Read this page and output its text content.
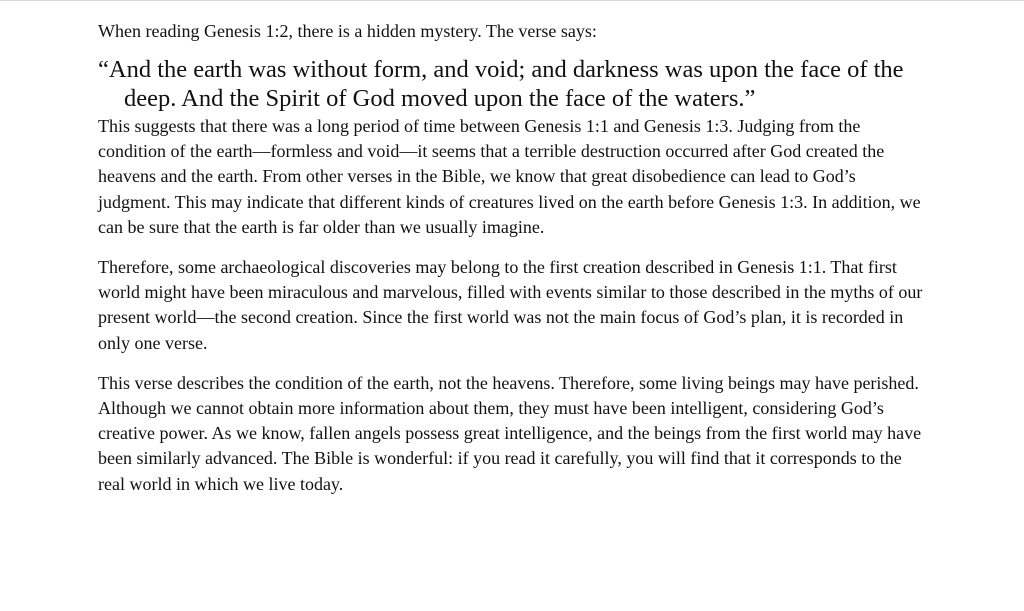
When reading Genesis 1:2, there is a hidden mystery. The verse says:

“And the earth was without form, and void; and darkness was upon the face of the deep. And the Spirit of God moved upon the face of the waters.”

This suggests that there was a long period of time between Genesis 1:1 and Genesis 1:3. Judging from the condition of the earth—formless and void—it seems that a terrible destruction occurred after God created the heavens and the earth. From other verses in the Bible, we know that great disobedience can lead to God’s judgment. This may indicate that different kinds of creatures lived on the earth before Genesis 1:3. In addition, we can be sure that the earth is far older than we usually imagine.

Therefore, some archaeological discoveries may belong to the first creation described in Genesis 1:1. That first world might have been miraculous and marvelous, filled with events similar to those described in the myths of our present world—the second creation. Since the first world was not the main focus of God’s plan, it is recorded in only one verse.

This verse describes the condition of the earth, not the heavens. Therefore, some living beings may have perished. Although we cannot obtain more information about them, they must have been intelligent, considering God’s creative power. As we know, fallen angels possess great intelligence, and the beings from the first world may have been similarly advanced. The Bible is wonderful: if you read it carefully, you will find that it corresponds to the real world in which we live today.
